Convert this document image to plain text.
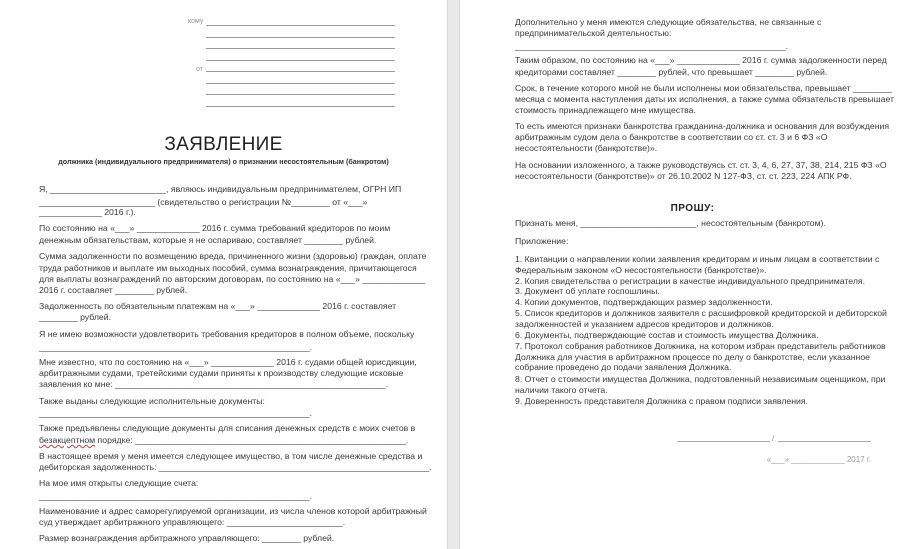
кому
от
ЗАЯВЛЕНИЕ
должника (индивидуального предпринимателя) о признании несостоятельным (банкротом)
Я, ________________________, являюсь индивидуальным предпринимателем, ОГРН ИП
________________________ (свидетельство о регистрации №________ от «___»
_____________ 2016 г.).
По состоянию на «___» _____________ 2016 г. сумма требований кредиторов по моим
денежным обязательствам, которые я не оспариваю, составляет ________ рублей.
Сумма задолженности по возмещению вреда, причиненного жизни (здоровью) граждан, оплате
труда работников и выплате им выходных пособий, сумма вознаграждения, причитающегося
для выплаты вознаграждений по авторским договорам, по состоянию на «___» _____________
2016 г. составляет ________ рублей.
Задолженность по обязательным платежам на «___» _____________ 2016 г. составляет
________ рублей.
Я не имею возможности удовлетворить требования кредиторов в полном объеме, поскольку
________________________________________________________.
Мне известно, что по состоянию на «___» _____________ 2016 г. судами общей юрисдикции,
арбитражными судами, третейскими судами приняты к производству следующие исковые
заявления ко мне: ________________________________________________________.
Также выданы следующие исполнительные документы:
________________________________________________________.
Также предъявлены следующие документы для списания денежных средств с моих счетов в
безакцептном порядке: ________________________________________________________.
В настоящее время у меня имеется следующее имущество, в том числе денежные средства и
дебиторская задолженность: ________________________________________________________.
На мое имя открыты следующие счета:
________________________________________________________.
Наименование и адрес саморегулируемой организации, из числа членов которой арбитражный
суд утверждает арбитражного управляющего: ________________________.
Размер вознаграждения арбитражного управляющего: ________ рублей.
Дополнительно у меня имеются следующие обязательства, не связанные с
предпринимательской деятельностью:
________________________________________________________.
Таким образом, по состоянию на «___» _____________ 2016 г. сумма задолженности перед
кредиторами составляет ________ рублей, что превышает ________ рублей.
Срок, в течение которого мной не были исполнены мои обязательства, превышает ________
месяца с момента наступления даты их исполнения, а также сумма обязательств превышает
стоимость принадлежащего мне имущества.
То есть имеются признаки банкротства гражданина-должника и основания для возбуждения
арбитражным судом дела о банкротстве в соответствии со ст. ст. 3 и 6 ФЗ «О
несостоятельности (банкротстве)».
На основании изложенного, а также руководствуясь ст. ст. 3, 4, 6, 27, 37, 38, 214, 215 ФЗ «О
несостоятельности (банкротстве)» от 26.10.2002 N 127-ФЗ, ст. ст. 223, 224 АПК РФ.
ПРОШУ:
Признать меня, ________________________, несостоятельным (банкротом).
Приложение:
1. Квитанции о направлении копии заявления кредиторам и иным лицам в соответствии с
Федеральным законом «О несостоятельности (банкротстве)».
2. Копия свидетельства о регистрации в качестве индивидуального предпринимателя.
3. Документ об уплате госпошлины.
4. Копии документов, подтверждающих размер задолженности.
5. Список кредиторов и должников заявителя с расшифровкой кредиторской и дебиторской
задолженностей и указанием адресов кредиторов и должников.
6. Документы, подтверждающие состав и стоимость имущества Должника.
7. Протокол собрания работников Должника, на котором избран представитель работников
Должника для участия в арбитражном процессе по делу о банкротстве, если указанное
собрание проведено до подачи заявления Должника.
8. Отчет о стоимости имущества Должника, подготовленный независимым оценщиком, при
наличии такого отчета.
9. Доверенность представителя Должника с правом подписи заявления.
/
«___» ____________ 2017 г.
